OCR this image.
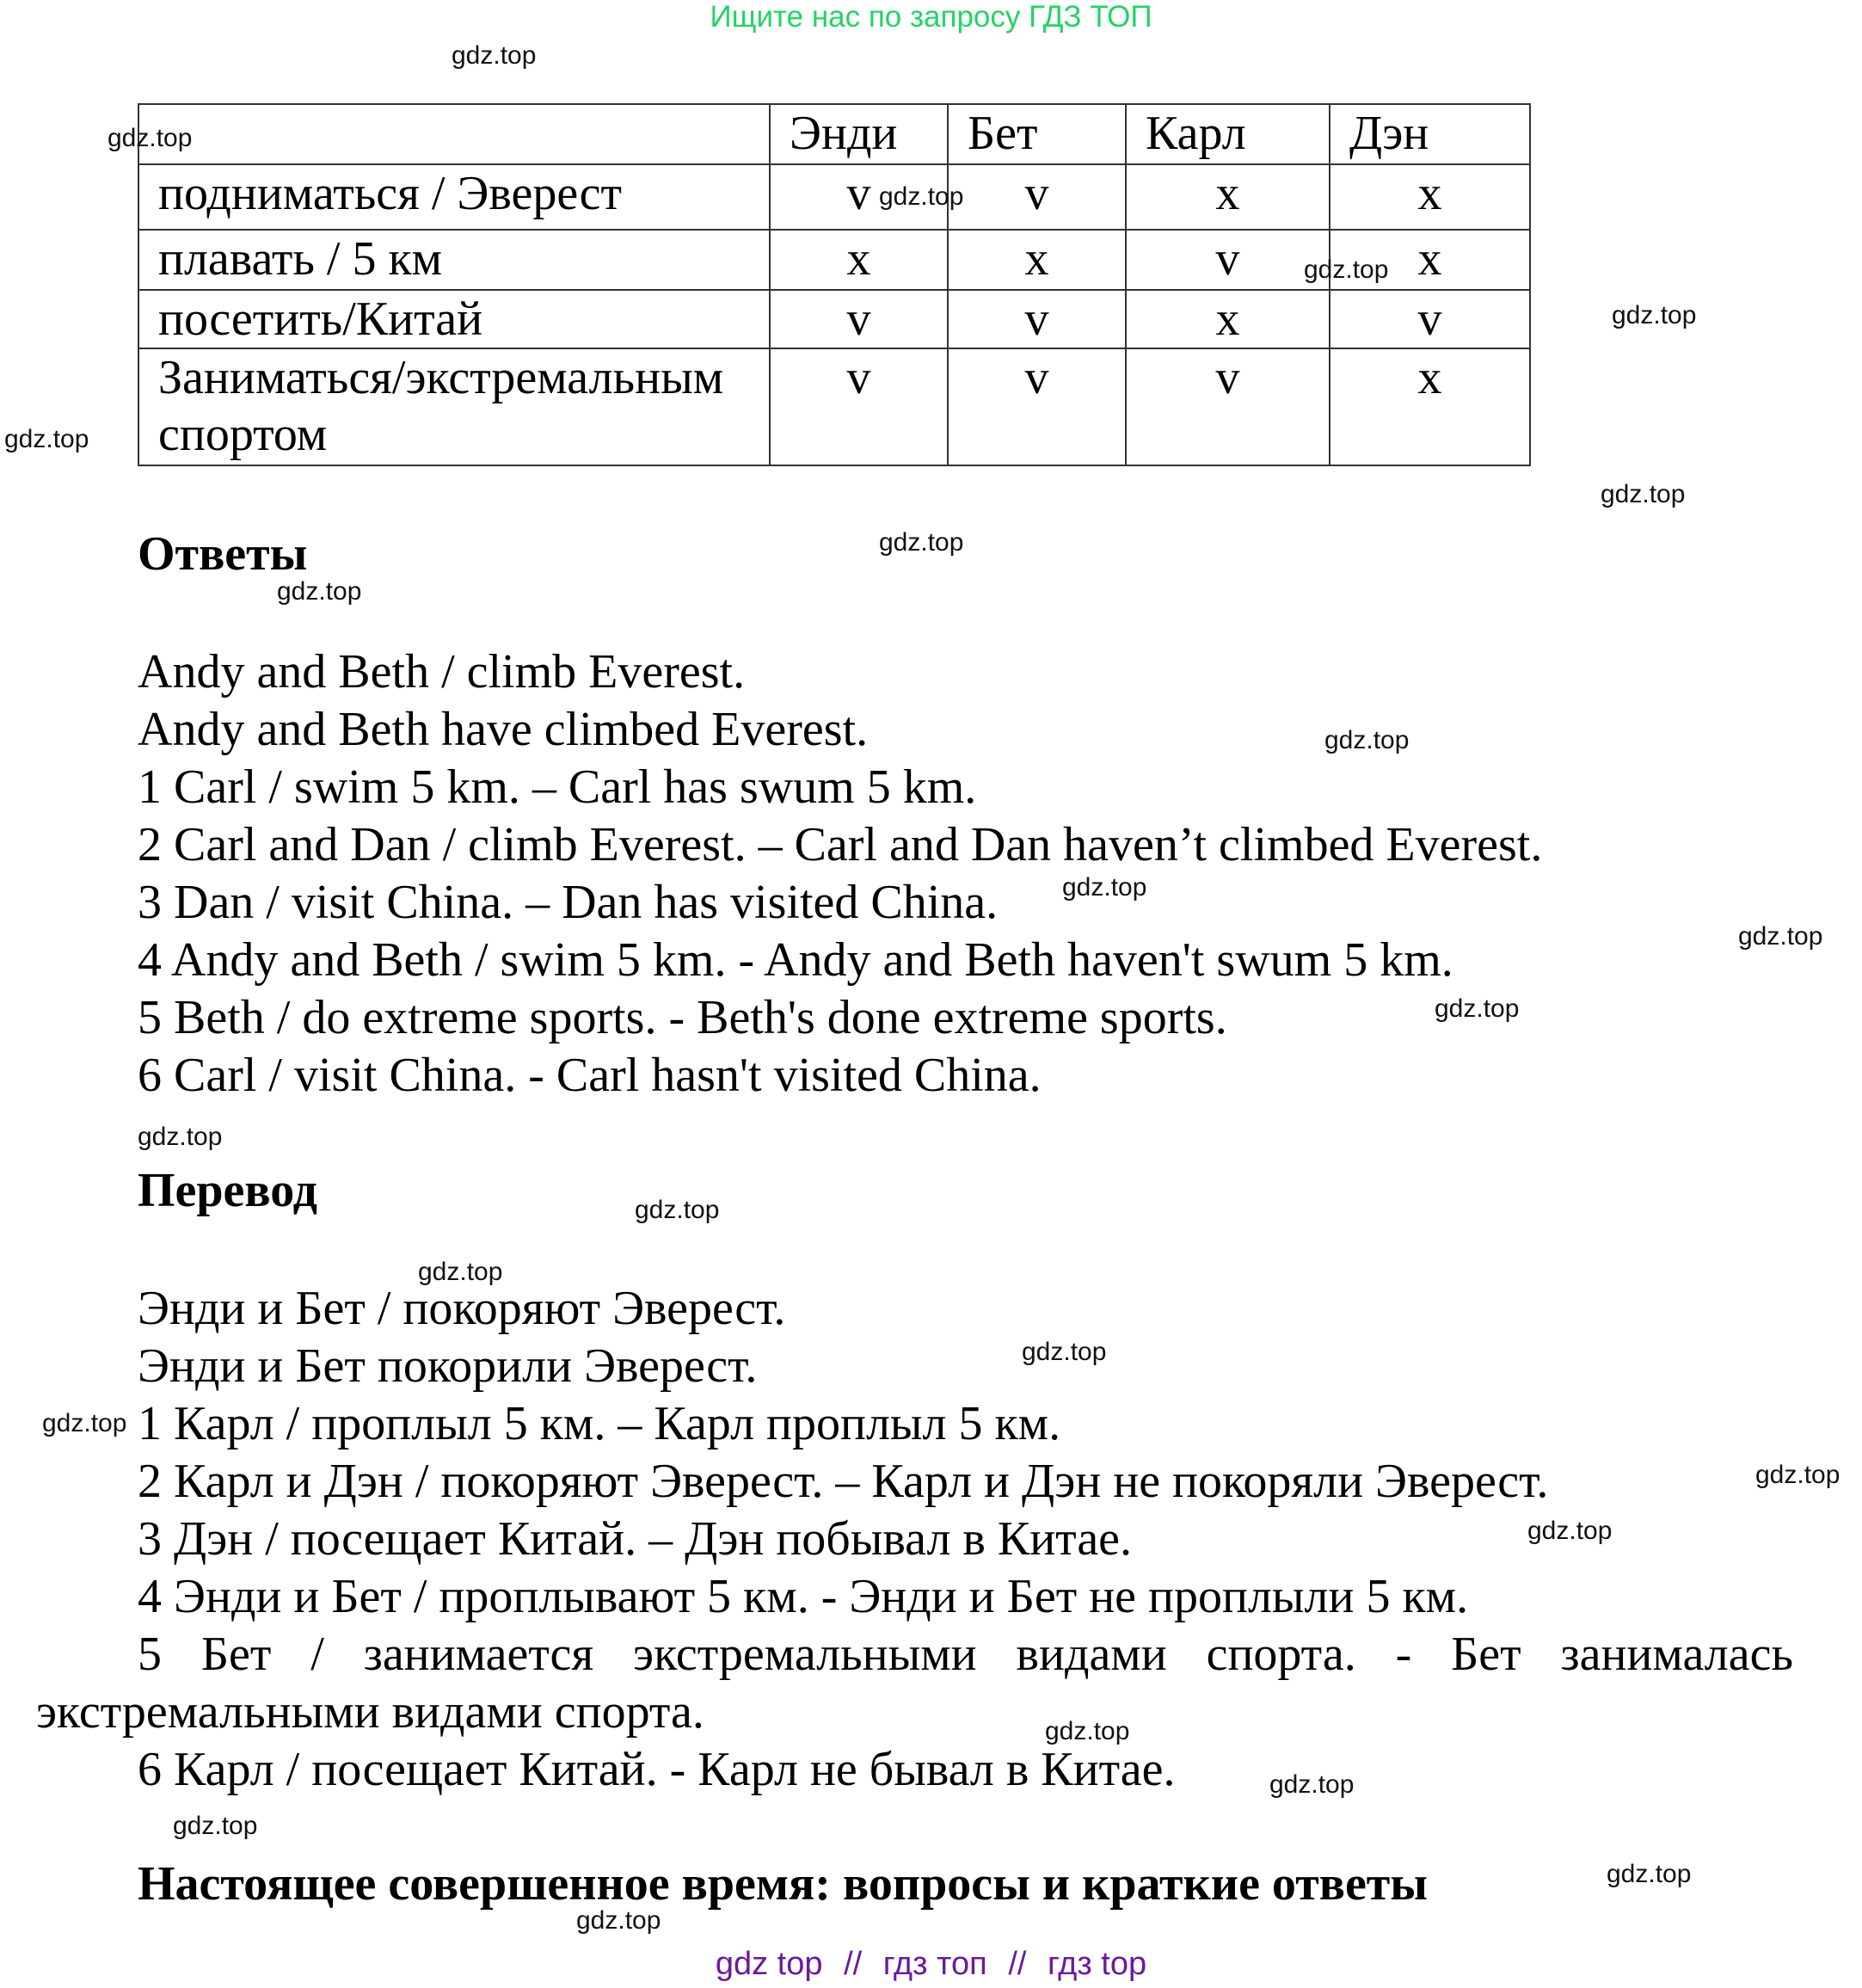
Ищите нас по запросу ГДЗ ТОП
	Энди	Бет	Карл	Дэн
подниматься / Эверест	v	v	x	x
плавать / 5 км	x	x	v	x
посетить/Китай	v	v	x	v
Заниматься/экстремальным спортом	v	v	v	x
Ответы
Andy and Beth / climb Everest.
Andy and Beth have climbed Everest.
1 Carl / swim 5 km. – Carl has swum 5 km.
2 Carl and Dan / climb Everest. – Carl and Dan haven’t climbed Everest.
3 Dan / visit China. – Dan has visited China.
4 Andy and Beth / swim 5 km. - Andy and Beth haven't swum 5 km.
5 Beth / do extreme sports. - Beth's done extreme sports.
6 Carl / visit China. - Carl hasn't visited China.
Перевод
Энди и Бет / покоряют Эверест.
Энди и Бет покорили Эверест.
1 Карл / проплыл 5 км. – Карл проплыл 5 км.
2 Карл и Дэн / покоряют Эверест. – Карл и Дэн не покоряли Эверест.
3 Дэн / посещает Китай. – Дэн побывал в Китае.
4 Энди и Бет / проплывают 5 км. - Энди и Бет не проплыли 5 км.
5 Бет / занимается экстремальными видами спорта. - Бет занималась
экстремальными видами спорта.
6 Карл / посещает Китай. - Карл не бывал в Китае.
Настоящее совершенное время: вопросы и краткие ответы
gdz.top
gdz.top
gdz.top
gdz.top
gdz.top
gdz.top
gdz.top
gdz.top
gdz.top
gdz.top
gdz.top
gdz.top
gdz.top
gdz.top
gdz.top
gdz.top
gdz.top
gdz.top
gdz.top
gdz.top
gdz.top
gdz.top
gdz.top
gdz.top
gdz.top
gdz top // гдз топ // гдз top
